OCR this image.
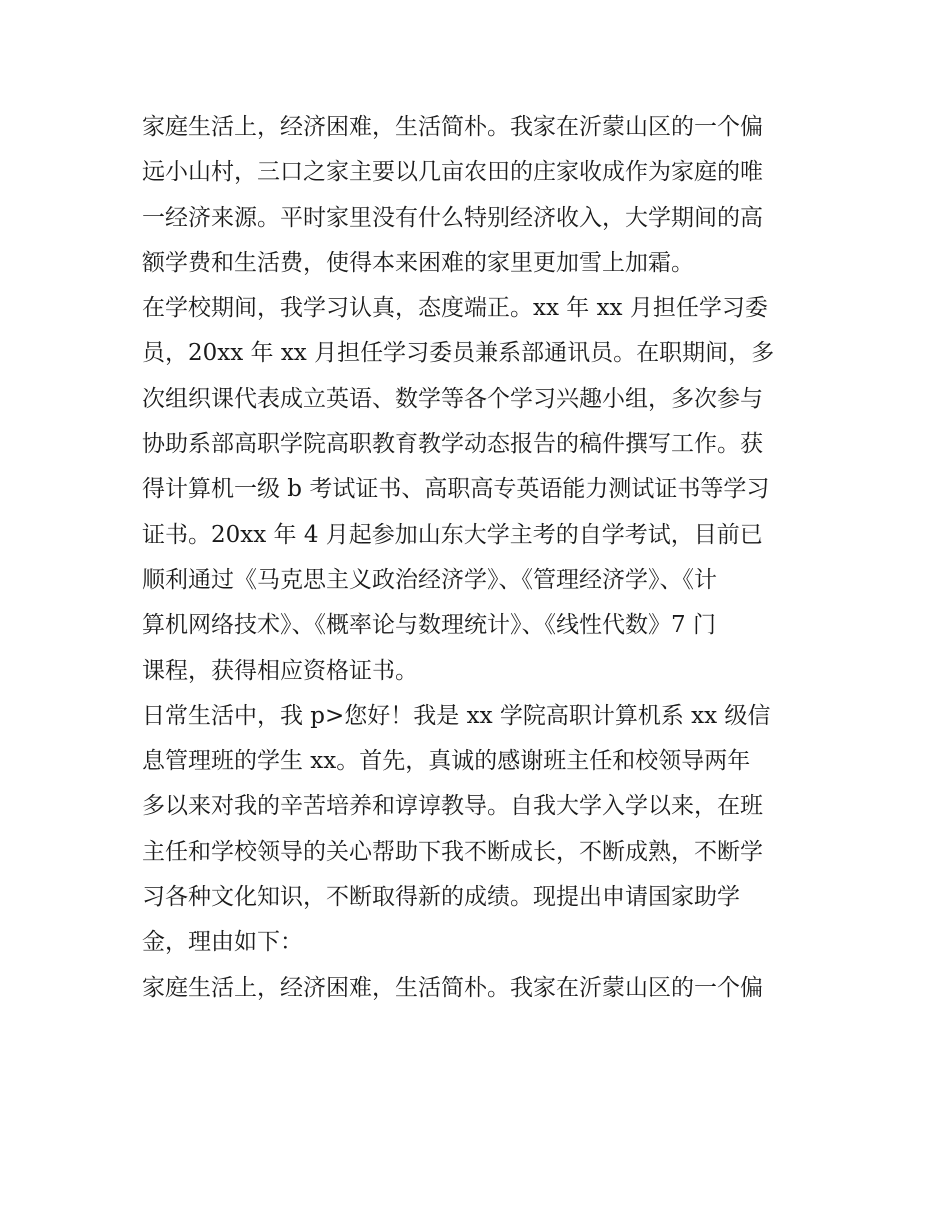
家庭生活上，经济困难，生活简朴。我家在沂蒙山区的一个偏
远小山村，三口之家主要以几亩农田的庄家收成作为家庭的唯
一经济来源。平时家里没有什么特别经济收入，大学期间的高
额学费和生活费，使得本来困难的家里更加雪上加霜。

在学校期间，我学习认真，态度端正。xx 年 xx 月担任学习委
员，20xx 年 xx 月担任学习委员兼系部通讯员。在职期间，多
次组织课代表成立英语、数学等各个学习兴趣小组，多次参与
协助系部高职学院高职教育教学动态报告的稿件撰写工作。获
得计算机一级 b 考试证书、高职高专英语能力测试证书等学习
证书。20xx 年 4 月起参加山东大学主考的自学考试，目前已
顺利通过《马克思主义政治经济学》、《管理经济学》、《计
算机网络技术》、《概率论与数理统计》、《线性代数》7 门
课程，获得相应资格证书。

日常生活中，我 p>您好！我是 xx 学院高职计算机系 xx 级信
息管理班的学生 xx。首先，真诚的感谢班主任和校领导两年
多以来对我的辛苦培养和谆谆教导。自我大学入学以来，在班
主任和学校领导的关心帮助下我不断成长，不断成熟，不断学
习各种文化知识，不断取得新的成绩。现提出申请国家助学
金，理由如下：

家庭生活上，经济困难，生活简朴。我家在沂蒙山区的一个偏
